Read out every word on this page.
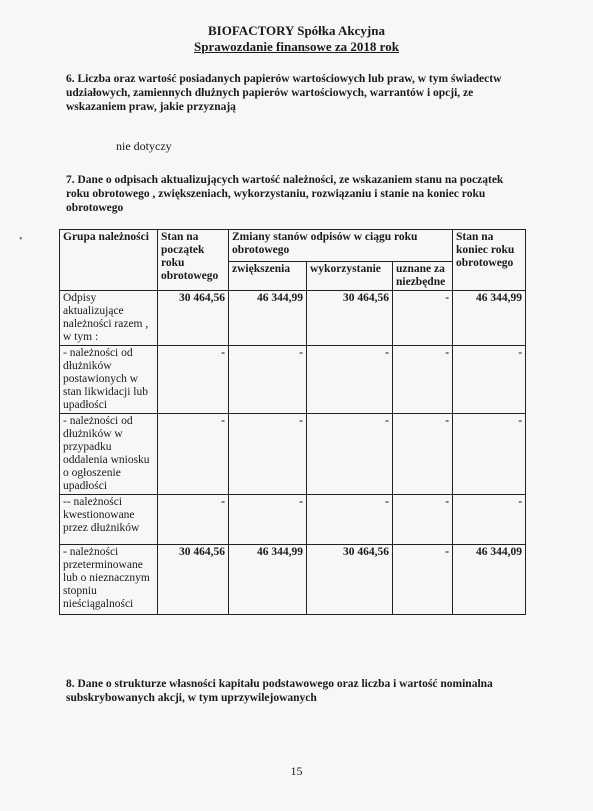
BIOFACTORY Spółka Akcyjna
Sprawozdanie finansowe za 2018 rok
6. Liczba oraz wartość posiadanych papierów wartościowych lub praw, w tym świadectw udziałowych, zamiennych dłużnych papierów wartościowych, warrantów i opcji, ze wskazaniem praw, jakie przyznają
nie dotyczy
7. Dane o odpisach aktualizujących wartość należności, ze wskazaniem stanu na początek roku obrotowego , zwiększeniach, wykorzystaniu, rozwiązaniu i stanie na koniec roku obrotowego
•	Grupa należności	Stan na początek roku obrotowego	Zmiany stanów odpisów w ciągu roku obrotowego			Stan na koniec roku obrotowego
		zwiększenia	wykorzystanie	uznane za niezbędne	
Odpisy aktualizujące należności razem , w tym :	30 464,56	46 344,99	30 464,56	-	46 344,99
- należności od dłużników postawionych w stan likwidacji lub upadłości	-	-	-	-	-
- należności od dłużników w przypadku oddalenia wniosku o ogłoszenie upadłości	-	-	-	-	-
-- należności kwestionowane przez dłużników	-	-	-	-	-
- należności przeterminowane lub o nieznacznym stopniu nieściągalności	30 464,56	46 344,99	30 464,56	-	46 344,09
8. Dane o strukturze własności kapitału podstawowego oraz liczba i wartość nominalna subskrybowanych akcji, w tym uprzywilejowanych
15
